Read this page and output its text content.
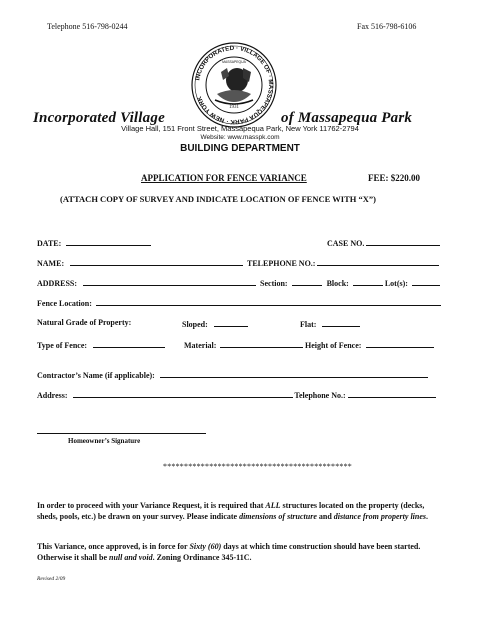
Telephone 516-798-0244	Fax 516-798-6106
INCORPORATED · VILLAGE OF · MASSAPEQUA PARK · NEW YORK
1931
MASSAPEQUA
Incorporated Village	of Massapequa Park
Village Hall, 151 Front Street, Massapequa Park, New York 11762-2794
Website: www.masspk.com
BUILDING DEPARTMENT
APPLICATION FOR FENCE VARIANCE	FEE: $220.00
(ATTACH COPY OF SURVEY AND INDICATE LOCATION OF FENCE WITH “X”)
DATE:	CASE NO.
NAME:	TELEPHONE NO.:
ADDRESS:	Section:	Block:	Lot(s):
Fence Location:
Natural Grade of Property:	Sloped:	Flat:
Type of Fence:	Material:	Height of Fence:
Contractor’s Name (if applicable):
Address:	Telephone No.:
Homeowner’s Signature
*********************************************
In order to proceed with your Variance Request, it is required that ALL structures located on the property (decks, sheds, pools, etc.) be drawn on your survey. Please indicate dimensions of structure and distance from property lines.
This Variance, once approved, is in force for Sixty (60) days at which time construction should have been started. Otherwise it shall be null and void. Zoning Ordinance 345-11C.
Revised 2/09
